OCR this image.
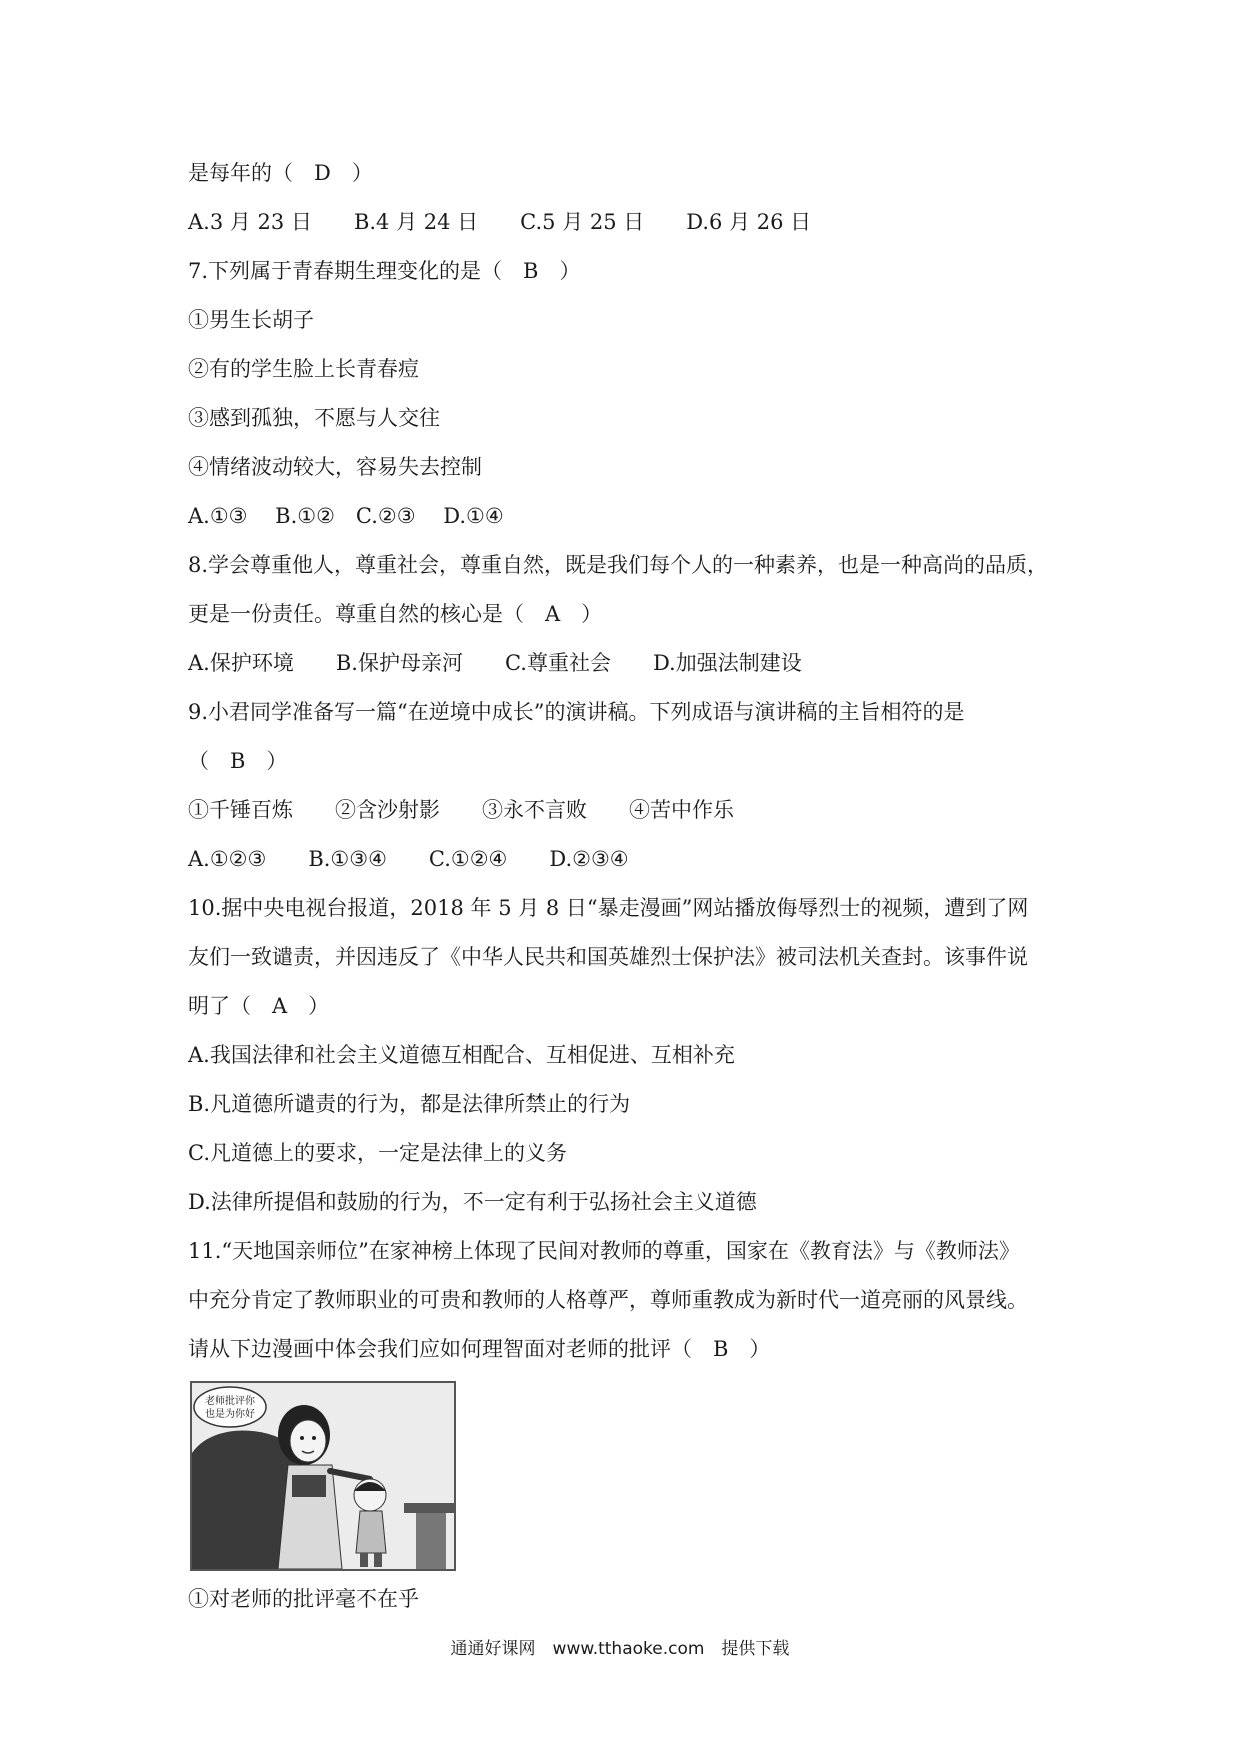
是每年的（　D　）
A.3 月 23 日　　B.4 月 24 日　　C.5 月 25 日　　D.6 月 26 日
7.下列属于青春期生理变化的是（　B　）
①男生长胡子
②有的学生脸上长青春痘
③感到孤独，不愿与人交往
④情绪波动较大，容易失去控制
A.①③　 B.①②　C.②③　 D.①④
8.学会尊重他人，尊重社会，尊重自然，既是我们每个人的一种素养，也是一种高尚的品质，
更是一份责任。尊重自然的核心是（　A　）
A.保护环境　　B.保护母亲河　　C.尊重社会　　D.加强法制建设
9.小君同学准备写一篇“在逆境中成长”的演讲稿。下列成语与演讲稿的主旨相符的是
（　B　）
①千锤百炼　　②含沙射影　　③永不言败　　④苦中作乐
A.①②③　　B.①③④　　C.①②④　　D.②③④
10.据中央电视台报道，2018 年 5 月 8 日“暴走漫画”网站播放侮辱烈士的视频，遭到了网
友们一致谴责，并因违反了《中华人民共和国英雄烈士保护法》被司法机关查封。该事件说
明了（　A　）
A.我国法律和社会主义道德互相配合、互相促进、互相补充
B.凡道德所谴责的行为，都是法律所禁止的行为
C.凡道德上的要求，一定是法律上的义务
D.法律所提倡和鼓励的行为，不一定有利于弘扬社会主义道德
11.“天地国亲师位”在家神榜上体现了民间对教师的尊重，国家在《教育法》与《教师法》
中充分肯定了教师职业的可贵和教师的人格尊严，尊师重教成为新时代一道亮丽的风景线。
请从下边漫画中体会我们应如何理智面对老师的批评（　B　）
老师批评你
也是为你好
①对老师的批评毫不在乎
通通好课网　www.tthaoke.com　提供下载
